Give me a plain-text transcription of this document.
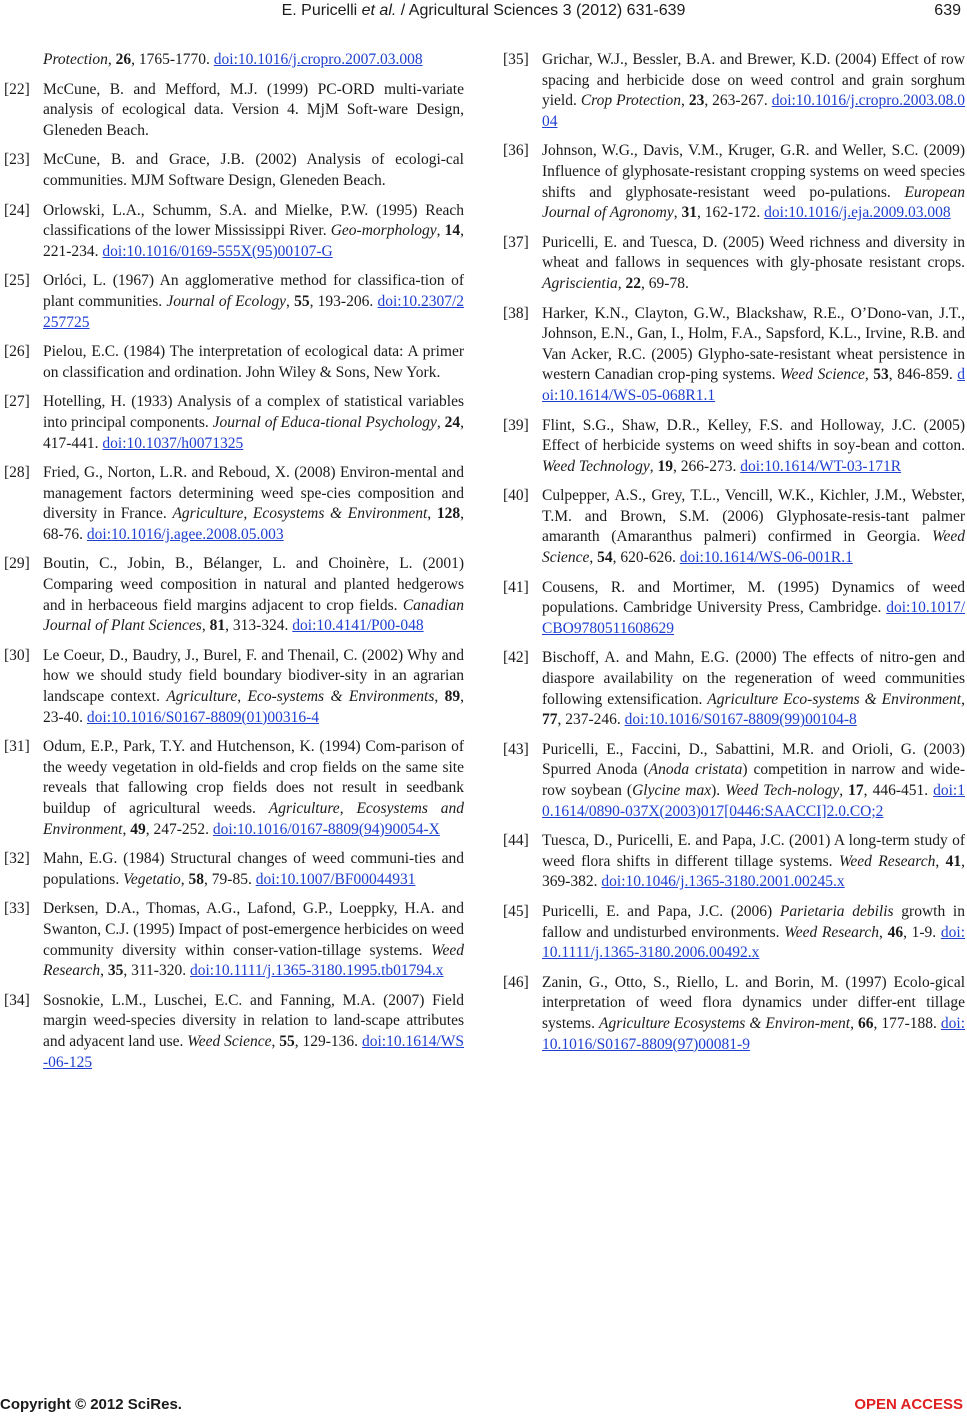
E. Puricelli et al. / Agricultural Sciences 3 (2012) 631-639	639
Protection, 26, 1765-1770. doi:10.1016/j.cropro.2007.03.008
[22] McCune, B. and Mefford, M.J. (1999) PC-ORD multi-variate analysis of ecological data. Version 4. MjM Soft-ware Design, Gleneden Beach.
[23] McCune, B. and Grace, J.B. (2002) Analysis of ecologi-cal communities. MJM Software Design, Gleneden Beach.
[24] Orlowski, L.A., Schumm, S.A. and Mielke, P.W. (1995) Reach classifications of the lower Mississippi River. Geo-morphology, 14, 221-234. doi:10.1016/0169-555X(95)00107-G
[25] Orlóci, L. (1967) An agglomerative method for classifica-tion of plant communities. Journal of Ecology, 55, 193-206. doi:10.2307/2257725
[26] Pielou, E.C. (1984) The interpretation of ecological data: A primer on classification and ordination. John Wiley & Sons, New York.
[27] Hotelling, H. (1933) Analysis of a complex of statistical variables into principal components. Journal of Educa-tional Psychology, 24, 417-441. doi:10.1037/h0071325
[28] Fried, G., Norton, L.R. and Reboud, X. (2008) Environ-mental and management factors determining weed spe-cies composition and diversity in France. Agriculture, Ecosystems & Environment, 128, 68-76. doi:10.1016/j.agee.2008.05.003
[29] Boutin, C., Jobin, B., Bélanger, L. and Choinère, L. (2001) Comparing weed composition in natural and planted hedgerows and in herbaceous field margins adjacent to crop fields. Canadian Journal of Plant Sciences, 81, 313-324. doi:10.4141/P00-048
[30] Le Coeur, D., Baudry, J., Burel, F. and Thenail, C. (2002) Why and how we should study field boundary biodiver-sity in an agrarian landscape context. Agriculture, Eco-systems & Environments, 89, 23-40. doi:10.1016/S0167-8809(01)00316-4
[31] Odum, E.P., Park, T.Y. and Hutchenson, K. (1994) Com-parison of the weedy vegetation in old-fields and crop fields on the same site reveals that fallowing crop fields does not result in seedbank buildup of agricultural weeds. Agriculture, Ecosystems and Environment, 49, 247-252. doi:10.1016/0167-8809(94)90054-X
[32] Mahn, E.G. (1984) Structural changes of weed communi-ties and populations. Vegetatio, 58, 79-85. doi:10.1007/BF00044931
[33] Derksen, D.A., Thomas, A.G., Lafond, G.P., Loeppky, H.A. and Swanton, C.J. (1995) Impact of post-emergence herbicides on weed community diversity within conser-vation-tillage systems. Weed Research, 35, 311-320. doi:10.1111/j.1365-3180.1995.tb01794.x
[34] Sosnokie, L.M., Luschei, E.C. and Fanning, M.A. (2007) Field margin weed-species diversity in relation to land-scape attributes and adyacent land use. Weed Science, 55, 129-136. doi:10.1614/WS-06-125
[35] Grichar, W.J., Bessler, B.A. and Brewer, K.D. (2004) Effect of row spacing and herbicide dose on weed control and grain sorghum yield. Crop Protection, 23, 263-267. doi:10.1016/j.cropro.2003.08.004
[36] Johnson, W.G., Davis, V.M., Kruger, G.R. and Weller, S.C. (2009) Influence of glyphosate-resistant cropping systems on weed species shifts and glyphosate-resistant weed po-pulations. European Journal of Agronomy, 31, 162-172. doi:10.1016/j.eja.2009.03.008
[37] Puricelli, E. and Tuesca, D. (2005) Weed richness and diversity in wheat and fallows in sequences with gly-phosate resistant crops. Agriscientia, 22, 69-78.
[38] Harker, K.N., Clayton, G.W., Blackshaw, R.E., O’Dono-van, J.T., Johnson, E.N., Gan, I., Holm, F.A., Sapsford, K.L., Irvine, R.B. and Van Acker, R.C. (2005) Glypho-sate-resistant wheat persistence in western Canadian crop-ping systems. Weed Science, 53, 846-859. doi:10.1614/WS-05-068R1.1
[39] Flint, S.G., Shaw, D.R., Kelley, F.S. and Holloway, J.C. (2005) Effect of herbicide systems on weed shifts in soy-bean and cotton. Weed Technology, 19, 266-273. doi:10.1614/WT-03-171R
[40] Culpepper, A.S., Grey, T.L., Vencill, W.K., Kichler, J.M., Webster, T.M. and Brown, S.M. (2006) Glyphosate-resis-tant palmer amaranth (Amaranthus palmeri) confirmed in Georgia. Weed Science, 54, 620-626. doi:10.1614/WS-06-001R.1
[41] Cousens, R. and Mortimer, M. (1995) Dynamics of weed populations. Cambridge University Press, Cambridge. doi:10.1017/CBO9780511608629
[42] Bischoff, A. and Mahn, E.G. (2000) The effects of nitro-gen and diaspore availability on the regeneration of weed communities following extensification. Agriculture Eco-systems & Environment, 77, 237-246. doi:10.1016/S0167-8809(99)00104-8
[43] Puricelli, E., Faccini, D., Sabattini, M.R. and Orioli, G. (2003) Spurred Anoda (Anoda cristata) competition in narrow and wide-row soybean (Glycine max). Weed Tech-nology, 17, 446-451. doi:10.1614/0890-037X(2003)017[0446:SAACCI]2.0.CO;2
[44] Tuesca, D., Puricelli, E. and Papa, J.C. (2001) A long-term study of weed flora shifts in different tillage systems. Weed Research, 41, 369-382. doi:10.1046/j.1365-3180.2001.00245.x
[45] Puricelli, E. and Papa, J.C. (2006) Parietaria debilis growth in fallow and undisturbed environments. Weed Research, 46, 1-9. doi:10.1111/j.1365-3180.2006.00492.x
[46] Zanin, G., Otto, S., Riello, L. and Borin, M. (1997) Ecolo-gical interpretation of weed flora dynamics under differ-ent tillage systems. Agriculture Ecosystems & Environ-ment, 66, 177-188. doi:10.1016/S0167-8809(97)00081-9
Copyright © 2012 SciRes.	OPEN ACCESS
